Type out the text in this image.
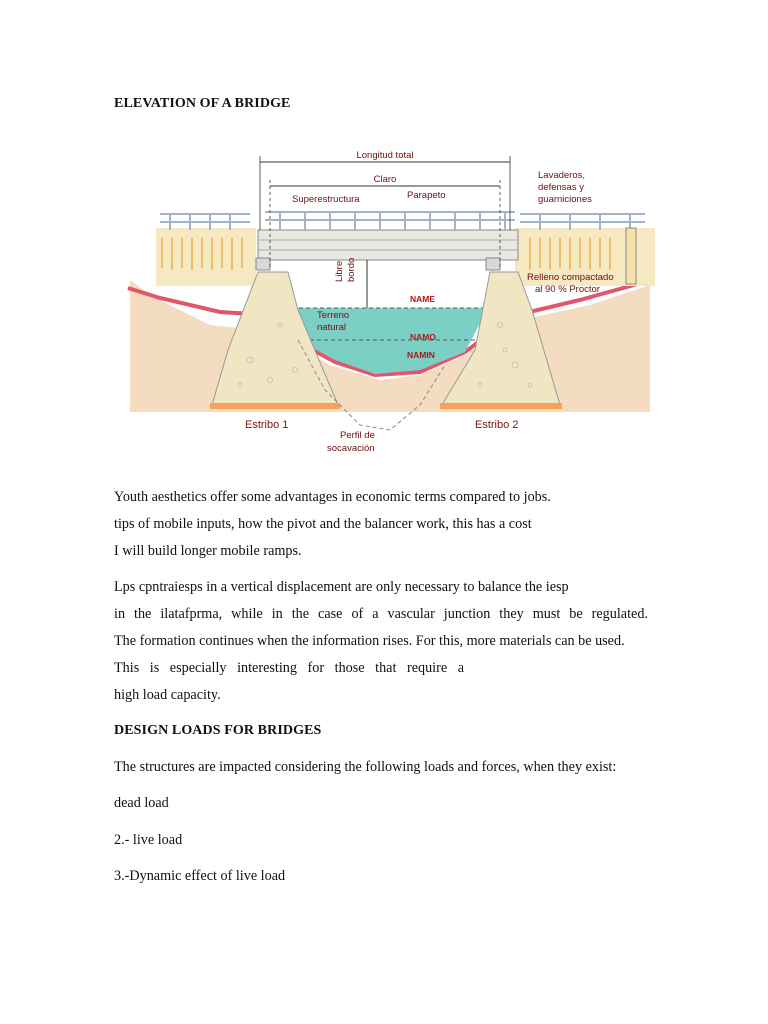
ELEVATION OF A BRIDGE
Longitud total
Claro
Superestructura	Parapeto
Lavaderos,
defensas y
guarniciones
Libre bordo	Relleno compactado
al 90 % Proctor
NAME
Terreno
natural
NAMO
NAMIN
Estribo 1	Estribo 2
Perfil de
socavación

Youth aesthetics offer some advantages in economic terms compared to jobs.

tips of mobile inputs, how the pivot and the balancer work, this has a cost

I will build longer mobile ramps.

Lps cpntraiesps in a vertical displacement are only necessary to balance the iesp

in the ilatafprma, while in the case of a vascular junction they must be regulated.

The formation continues when the information rises. For this, more materials can be used.

This is especially interesting for those that require a

high load capacity.

DESIGN LOADS FOR BRIDGES

The structures are impacted considering the following loads and forces, when they exist:

dead load

2.- live load

3.-Dynamic effect of live load
